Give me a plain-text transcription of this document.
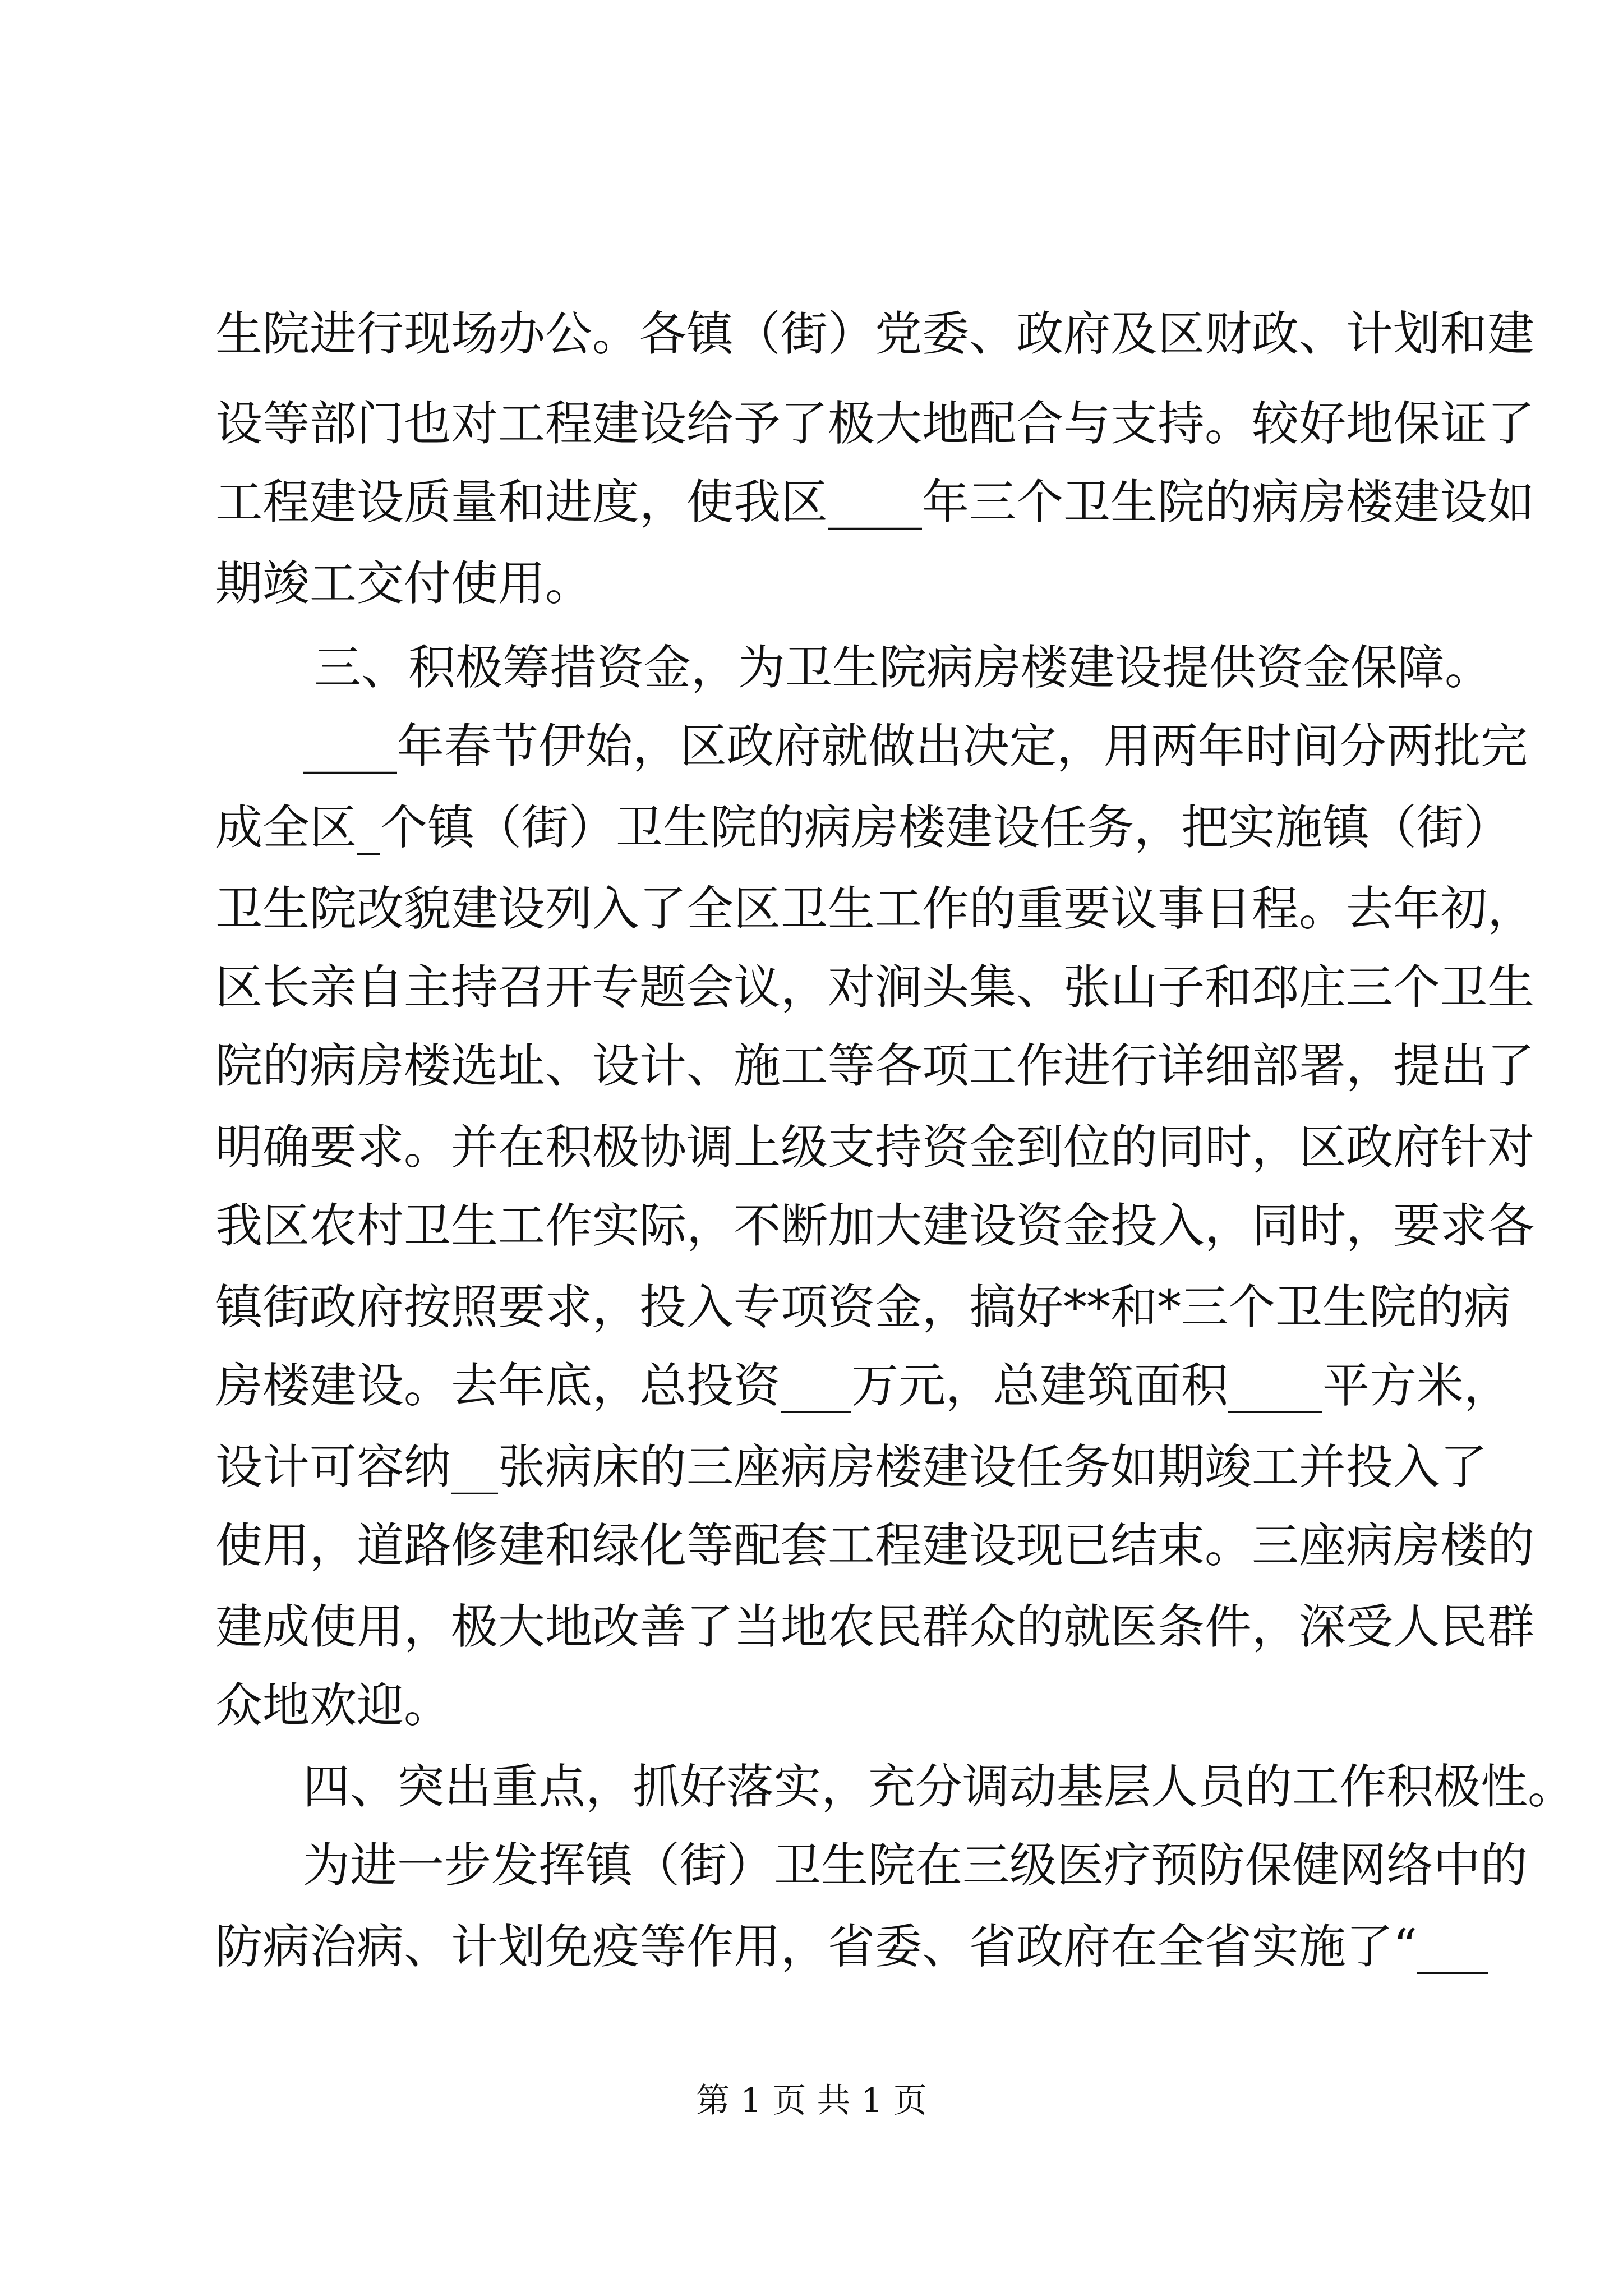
生院进行现场办公。各镇（街）党委、政府及区财政、计划和建
设等部门也对工程建设给予了极大地配合与支持。较好地保证了
工程建设质量和进度，使我区____年三个卫生院的病房楼建设如
期竣工交付使用。
三、积极筹措资金，为卫生院病房楼建设提供资金保障。
____年春节伊始，区政府就做出决定，用两年时间分两批完
成全区_个镇（街）卫生院的病房楼建设任务，把实施镇（街）
卫生院改貌建设列入了全区卫生工作的重要议事日程。去年初，
区长亲自主持召开专题会议，对涧头集、张山子和邳庄三个卫生
院的病房楼选址、设计、施工等各项工作进行详细部署，提出了
明确要求。并在积极协调上级支持资金到位的同时，区政府针对
我区农村卫生工作实际，不断加大建设资金投入，同时，要求各
镇街政府按照要求，投入专项资金，搞好**和*三个卫生院的病
房楼建设。去年底，总投资___万元，总建筑面积____平方米，
设计可容纳__张病床的三座病房楼建设任务如期竣工并投入了
使用，道路修建和绿化等配套工程建设现已结束。三座病房楼的
建成使用，极大地改善了当地农民群众的就医条件，深受人民群
众地欢迎。
四、突出重点，抓好落实，充分调动基层人员的工作积极性。
为进一步发挥镇（街）卫生院在三级医疗预防保健网络中的
防病治病、计划免疫等作用，省委、省政府在全省实施了“___
第 1 页 共 1 页
